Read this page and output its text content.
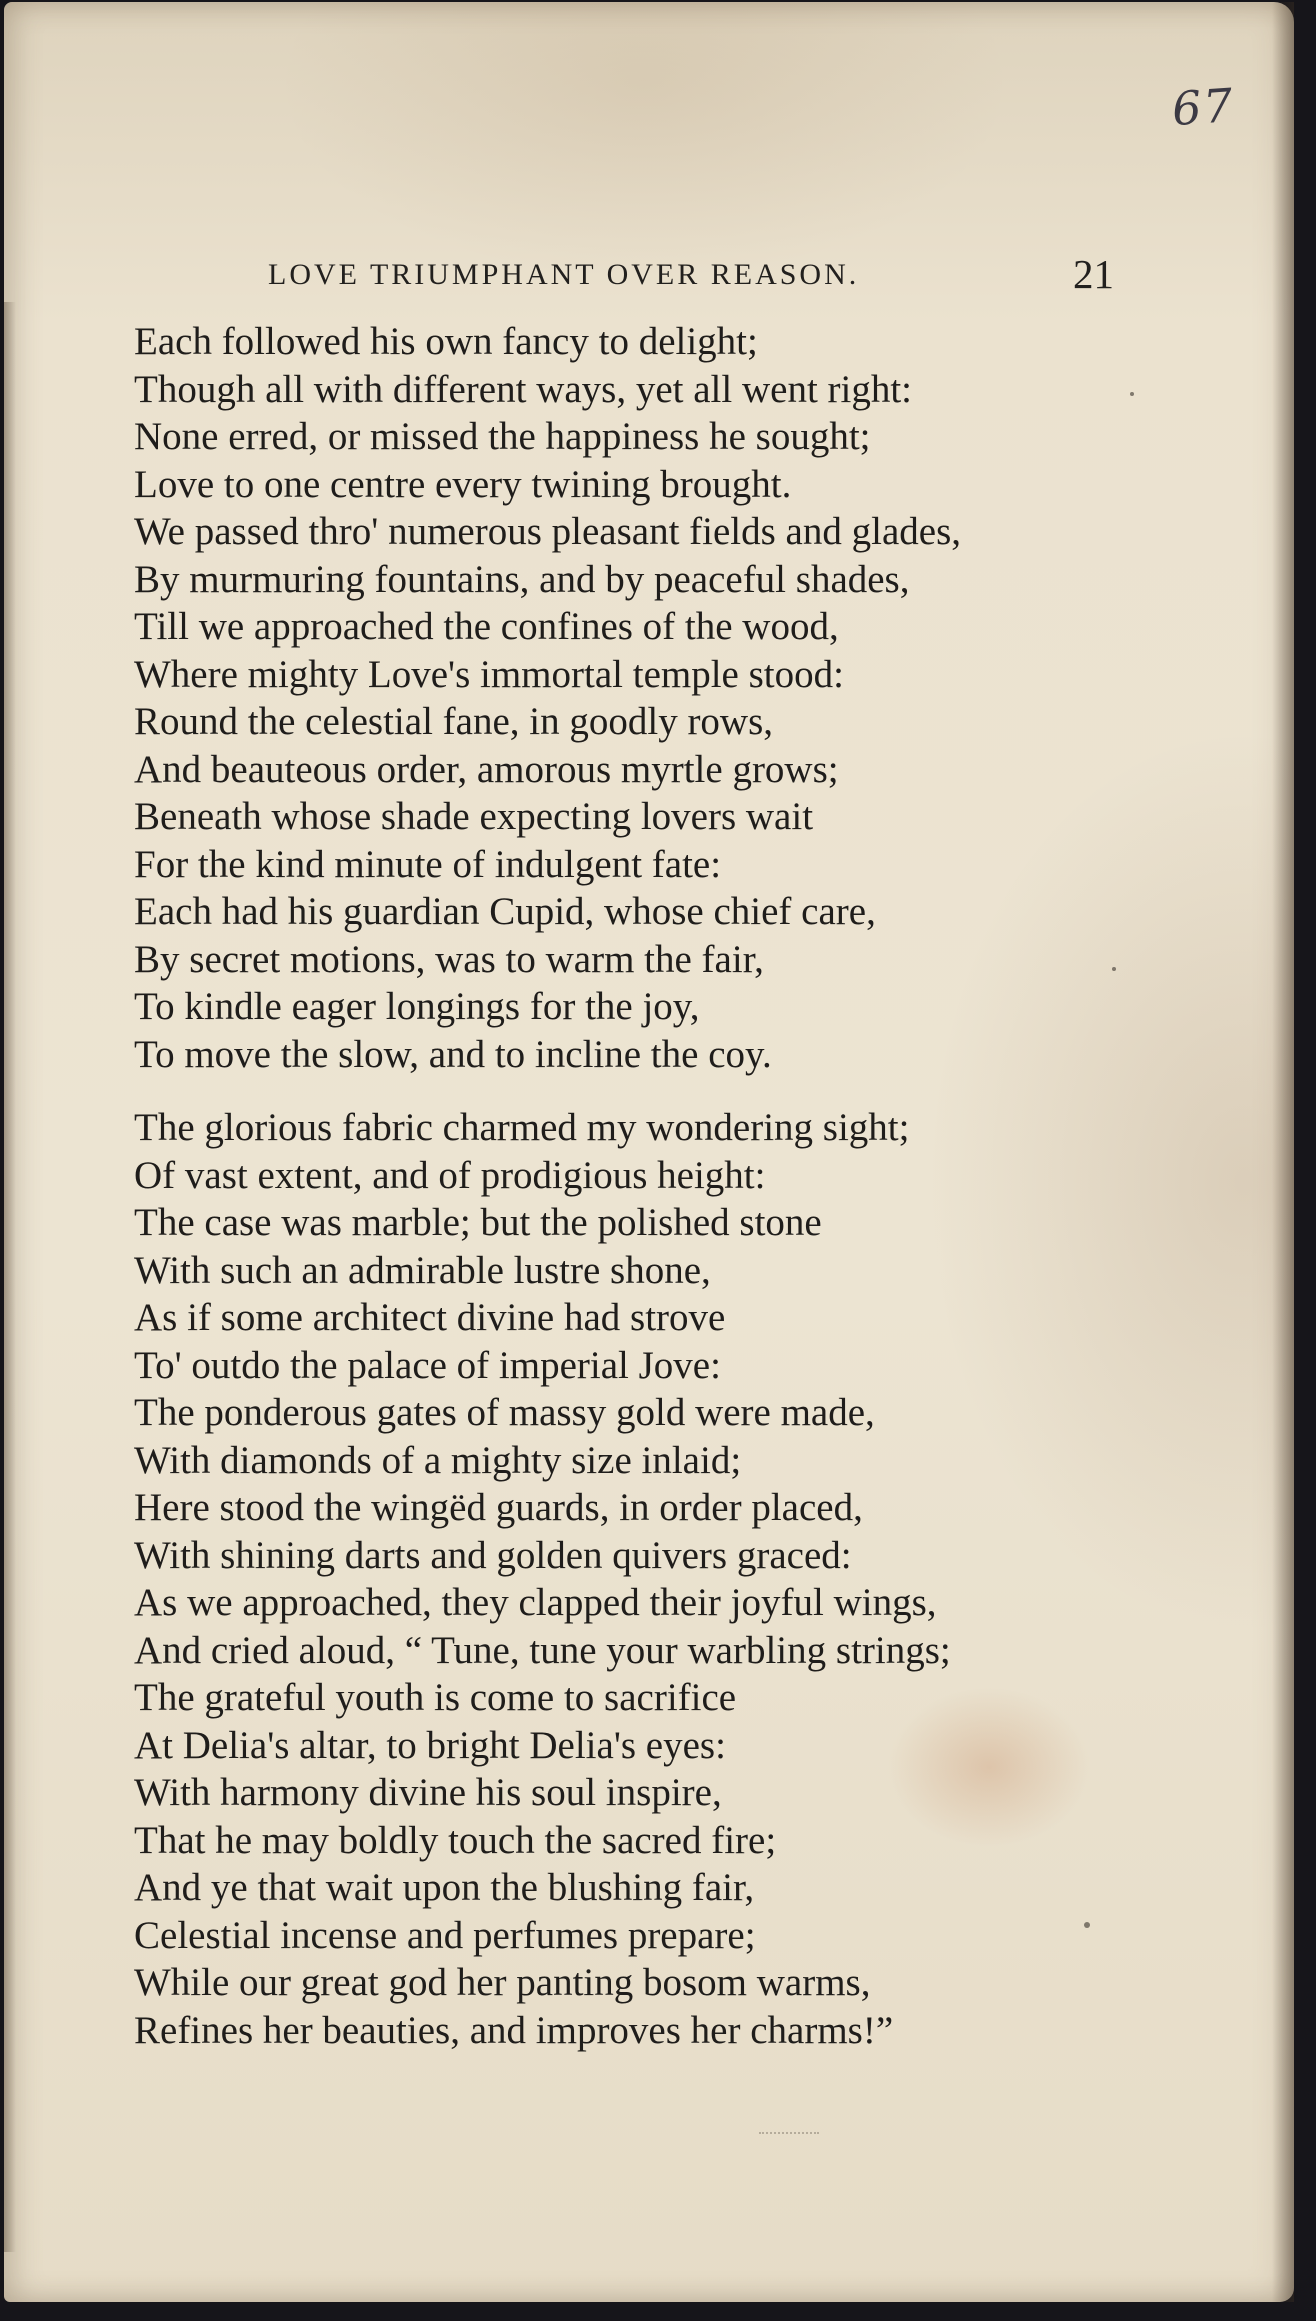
67
LOVE TRIUMPHANT OVER REASON.	21
Each followed his own fancy to delight;
Though all with different ways, yet all went right:
None erred, or missed the happiness he sought;
Love to one centre every twining brought.
We passed thro' numerous pleasant fields and glades,
By murmuring fountains, and by peaceful shades,
Till we approached the confines of the wood,
Where mighty Love's immortal temple stood:
Round the celestial fane, in goodly rows,
And beauteous order, amorous myrtle grows;
Beneath whose shade expecting lovers wait
For the kind minute of indulgent fate:
Each had his guardian Cupid, whose chief care,
By secret motions, was to warm the fair,
To kindle eager longings for the joy,
To move the slow, and to incline the coy.
The glorious fabric charmed my wondering sight;
Of vast extent, and of prodigious height:
The case was marble; but the polished stone
With such an admirable lustre shone,
As if some architect divine had strove
To' outdo the palace of imperial Jove:
The ponderous gates of massy gold were made,
With diamonds of a mighty size inlaid;
Here stood the wingëd guards, in order placed,
With shining darts and golden quivers graced:
As we approached, they clapped their joyful wings,
And cried aloud, “ Tune, tune your warbling strings;
The grateful youth is come to sacrifice
At Delia's altar, to bright Delia's eyes:
With harmony divine his soul inspire,
That he may boldly touch the sacred fire;
And ye that wait upon the blushing fair,
Celestial incense and perfumes prepare;
While our great god her panting bosom warms,
Refines her beauties, and improves her charms!”
